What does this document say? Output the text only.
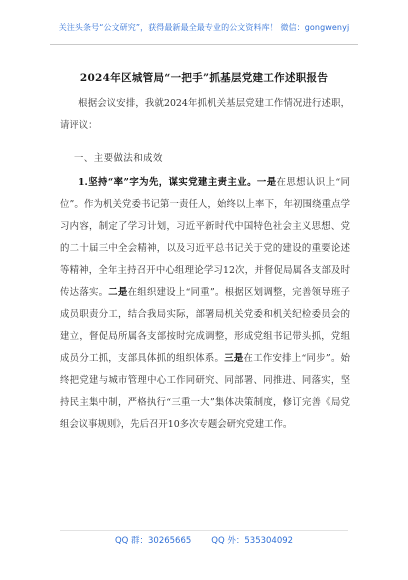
关注头条号“公文研究”，获得最新最全最专业的公文资料库！ 微信：gongwenyj
2024年区城管局“一把手”抓基层党建工作述职报告
根据会议安排，我就2024年抓机关基层党建工作情况进行述职，请评议：
一、主要做法和成效
1.坚持“率”字为先，谋实党建主责主业。一是在思想认识上“同位”。作为机关党委书记第一责任人，始终以上率下，年初围绕重点学习内容，制定了学习计划，习近平新时代中国特色社会主义思想、党的二十届三中全会精神，以及习近平总书记关于党的建设的重要论述等精神，全年主持召开中心组理论学习12次，并督促局属各支部及时传达落实。二是在组织建设上“同重”。根据区划调整，完善领导班子成员职责分工，结合我局实际，部署局机关党委和机关纪检委员会的建立，督促局所属各支部按时完成调整，形成党组书记带头抓，党组成员分工抓，支部具体抓的组织体系。三是在工作安排上“同步”。始终把党建与城市管理中心工作同研究、同部署、同推进、同落实，坚持民主集中制，严格执行“三重一大”集体决策制度，修订完善《局党组会议事规则》，先后召开10多次专题会研究党建工作。
QQ 群：30265665 QQ 外：535304092
